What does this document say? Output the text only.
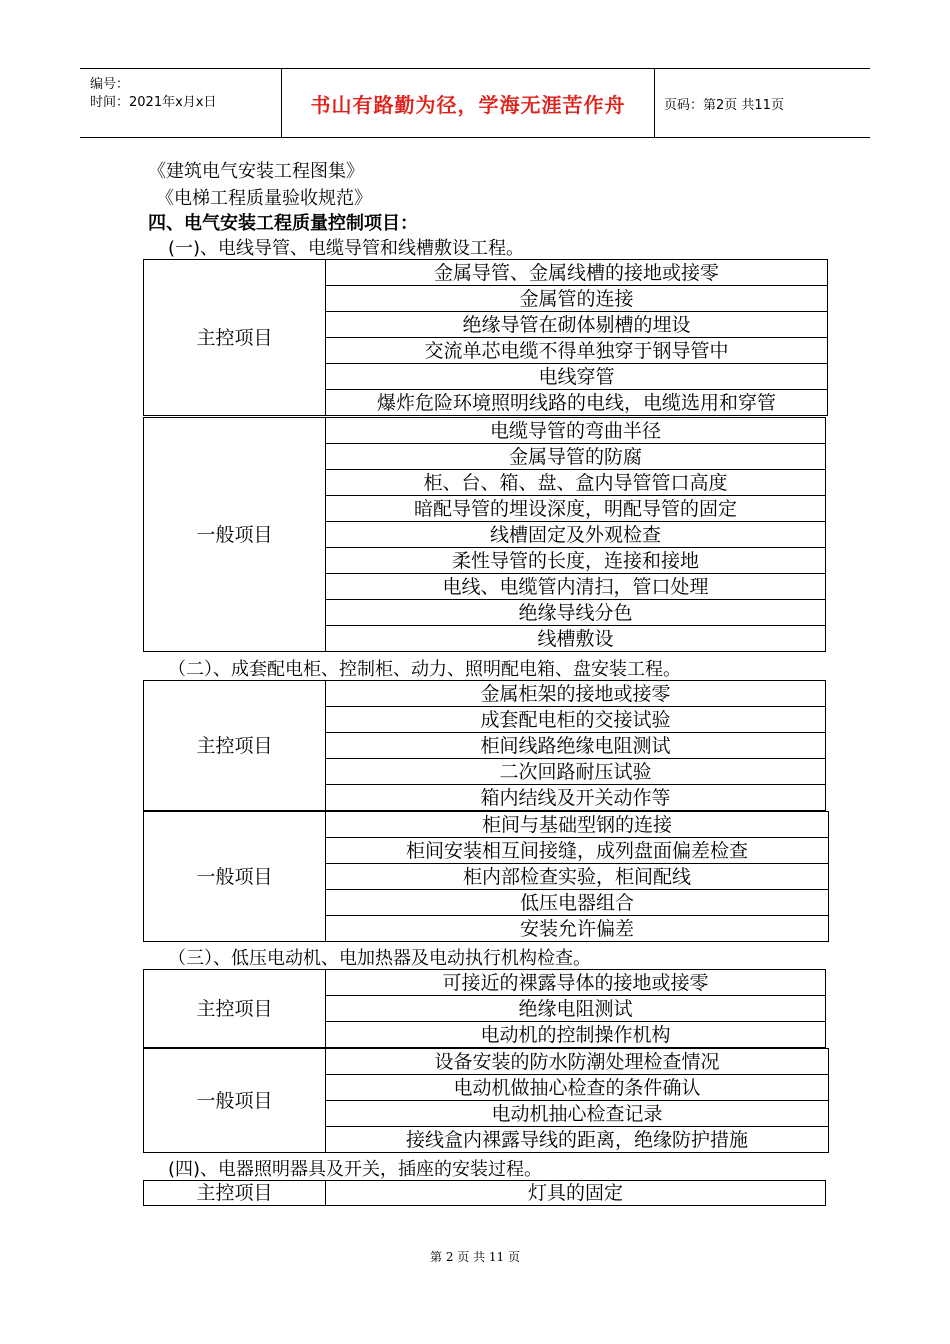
编号：
时间：2021年x月x日	书山有路勤为径，学海无涯苦作舟	页码：第2页 共11页
《建筑电气安装工程图集》
《电梯工程质量验收规范》
四、电气安装工程质量控制项目：
(一)、电线导管、电缆导管和线槽敷设工程。
主控项目	金属导管、金属线槽的接地或接零
金属管的连接
绝缘导管在砌体剔槽的埋设
交流单芯电缆不得单独穿于钢导管中
电线穿管
爆炸危险环境照明线路的电线，电缆选用和穿管
一般项目	电缆导管的弯曲半径
金属导管的防腐
柜、台、箱、盘、盒内导管管口高度
暗配导管的埋设深度，明配导管的固定
线槽固定及外观检查
柔性导管的长度，连接和接地
电线、电缆管内清扫，管口处理
绝缘导线分色
线槽敷设
（二）、成套配电柜、控制柜、动力、照明配电箱、盘安装工程。
主控项目	金属柜架的接地或接零
成套配电柜的交接试验
柜间线路绝缘电阻测试
二次回路耐压试验
箱内结线及开关动作等
一般项目	柜间与基础型钢的连接
柜间安装相互间接缝，成列盘面偏差检查
柜内部检查实验，柜间配线
低压电器组合
安装允许偏差
（三）、低压电动机、电加热器及电动执行机构检查。
主控项目	可接近的裸露导体的接地或接零
绝缘电阻测试
电动机的控制操作机构
一般项目	设备安装的防水防潮处理检查情况
电动机做抽心检查的条件确认
电动机抽心检查记录
接线盒内裸露导线的距离，绝缘防护措施
(四)、电器照明器具及开关，插座的安装过程。
主控项目	灯具的固定
第 2 页 共 11 页
